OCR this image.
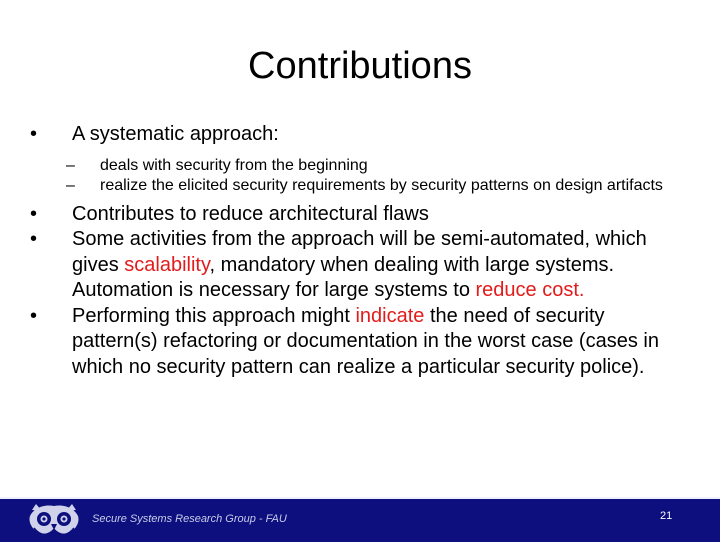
Contributions
•	A systematic approach:
– deals with security from the beginning
– realize the elicited security requirements by security patterns on design artifacts
•	Contributes to reduce architectural flaws
•	Some activities from the approach will be semi-automated, which gives scalability, mandatory when dealing with large systems. Automation is necessary for large systems to reduce cost.
•	Performing this approach might indicate the need of security pattern(s) refactoring or documentation in the worst case (cases in which no security pattern can realize a particular security police).
Secure Systems Research Group - FAU	21
